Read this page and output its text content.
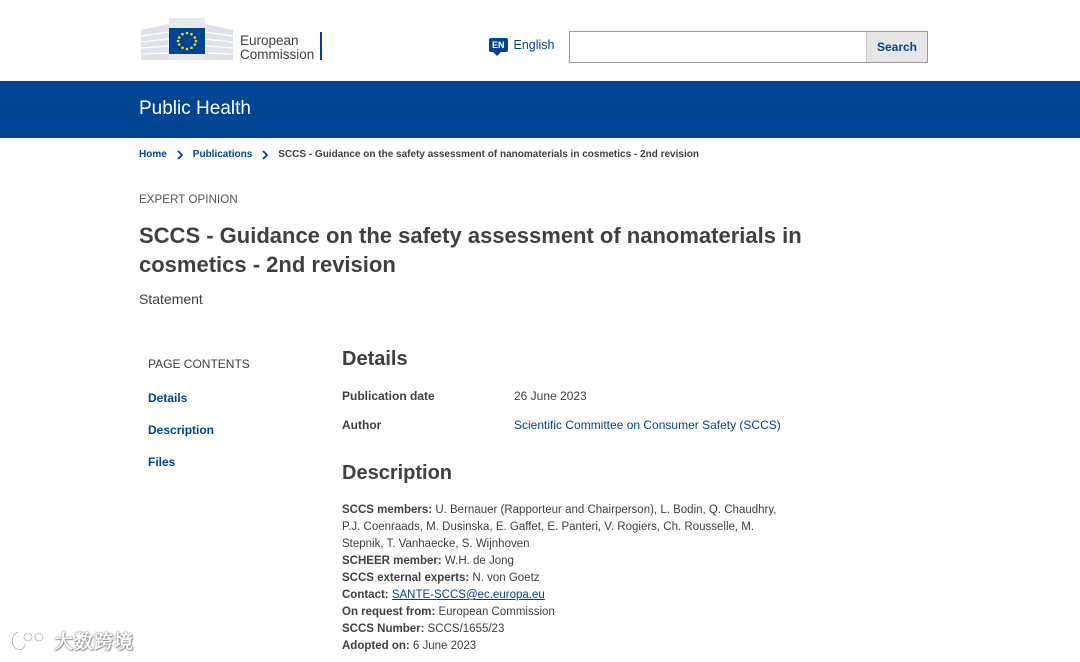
European
Commission
EN English	Search
Public Health
Home	Publications	SCCS - Guidance on the safety assessment of nanomaterials in cosmetics - 2nd revision
EXPERT OPINION
SCCS - Guidance on the safety assessment of nanomaterials in cosmetics - 2nd revision
Statement
PAGE CONTENTS
Details
Description
Files
Details
Publication date	26 June 2023
Author	Scientific Committee on Consumer Safety (SCCS)
Description
SCCS members: U. Bernauer (Rapporteur and Chairperson), L. Bodin, Q. Chaudhry, P.J. Coenraads, M. Dusinska, E. Gaffet, E. Panteri, V. Rogiers, Ch. Rousselle, M. Stepnik, T. Vanhaecke, S. Wijnhoven
SCHEER member: W.H. de Jong
SCCS external experts: N. von Goetz
Contact: SANTE-SCCS@ec.europa.eu
On request from: European Commission
SCCS Number: SCCS/1655/23
Adopted on: 6 June 2023
大数跨境
